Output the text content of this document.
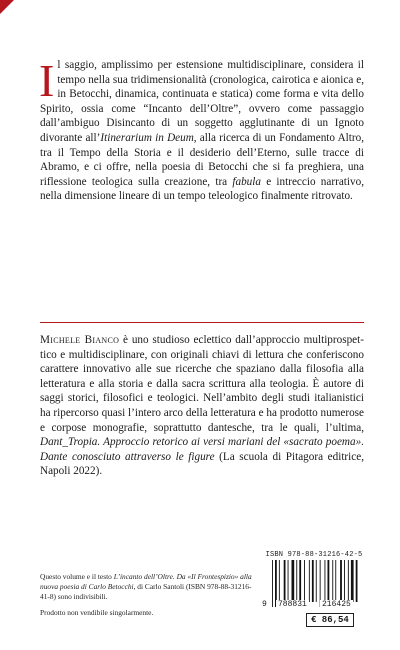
Il saggio, amplissimo per estensione multidisciplinare, considera il tempo nella sua tridimensionalità (cronologica, cairotica e aionica e, in Betocchi, dinamica, continuata e statica) come forma e vita dello Spirito, ossia come “Incanto dell’Oltre”, ovvero come passaggio dall’ambiguo Disincanto di un soggetto agglutinante di un Ignoto divorante all’Itinerarium in Deum, alla ricerca di un Fondamento Altro, tra il Tempo della Storia e il desiderio dell’Eterno, sulle tracce di Abramo, e ci offre, nella poesia di Betocchi che si fa preghiera, una riflessione teologica sulla creazione, tra fabula e intreccio narrativo, nella dimensione lineare di un tempo teleologico finalmente ritrovato.
Michele Bianco è uno studioso eclettico dall’approccio multiprospettico e multidisciplinare, con originali chiavi di lettura che conferiscono carattere innovativo alle sue ricerche che spaziano dalla filosofia alla letteratura e alla storia e dalla sacra scrittura alla teologia. È autore di saggi storici, filosofici e teologici. Nell’ambito degli studi italianistici ha ripercorso quasi l’intero arco della letteratura e ha prodotto numerose e corpose monografie, soprattutto dantesche, tra le quali, l’ultima, Dant_Tropia. Approccio retorico ai versi mariani del «sacrato poema». Dante conosciuto attraverso le figure (La scuola di Pitagora editrice, Napoli 2022).

Questo volume e il testo L’incanto dell’Oltre. Da «Il Frontespizio» alla nuova poesia di Carlo Betocchi, di Carlo Santoli (ISBN 978-88-31216-41-8) sono indivisibili.

Prodotto non vendibile singolarmente.

ISBN 978-88-31216-42-5
9 788831 216425
€ 86,54
